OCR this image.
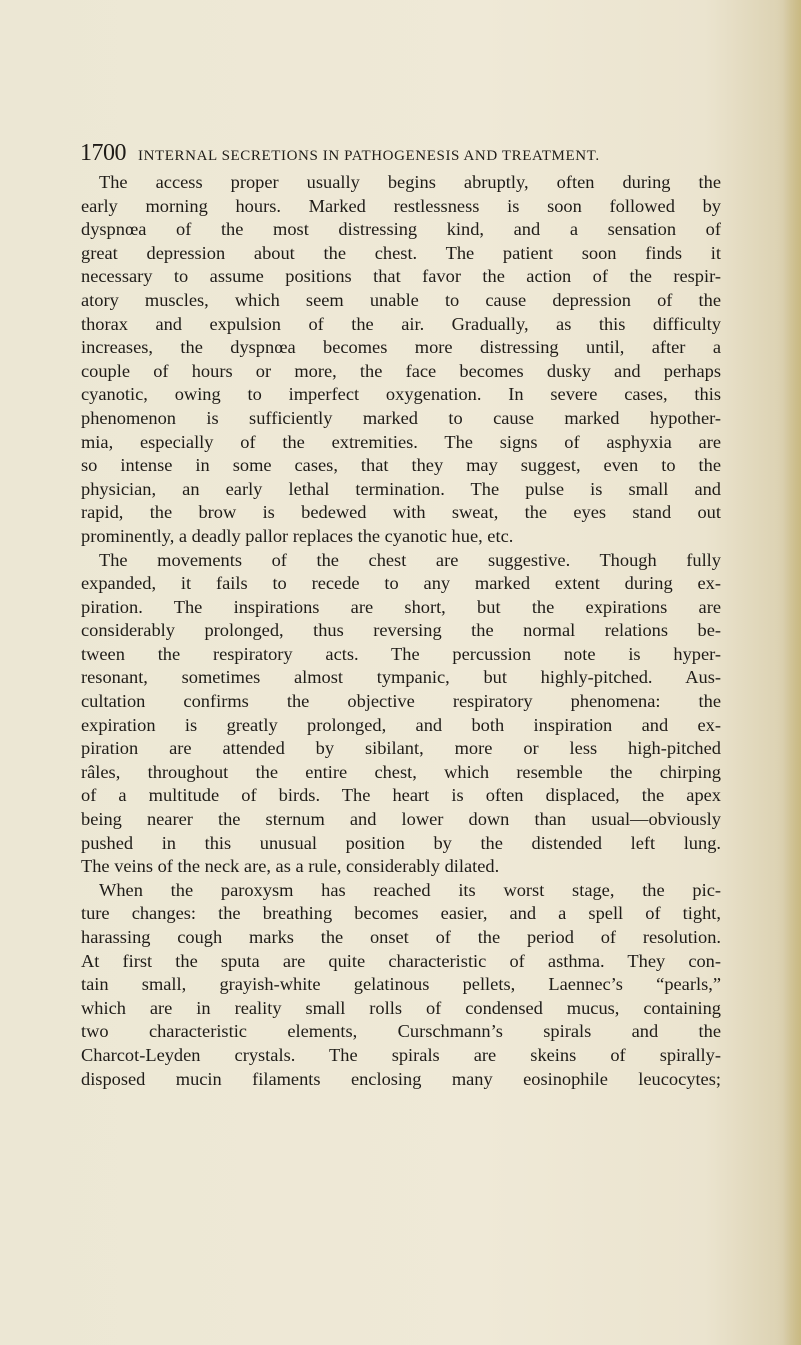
1700 INTERNAL SECRETIONS IN PATHOGENESIS AND TREATMENT.
The access proper usually begins abruptly, often during the
early morning hours. Marked restlessness is soon followed by
dyspnœa of the most distressing kind, and a sensation of
great depression about the chest. The patient soon finds it
necessary to assume positions that favor the action of the respir-
atory muscles, which seem unable to cause depression of the
thorax and expulsion of the air. Gradually, as this difficulty
increases, the dyspnœa becomes more distressing until, after a
couple of hours or more, the face becomes dusky and perhaps
cyanotic, owing to imperfect oxygenation. In severe cases, this
phenomenon is sufficiently marked to cause marked hypother-
mia, especially of the extremities. The signs of asphyxia are
so intense in some cases, that they may suggest, even to the
physician, an early lethal termination. The pulse is small and
rapid, the brow is bedewed with sweat, the eyes stand out
prominently, a deadly pallor replaces the cyanotic hue, etc.
The movements of the chest are suggestive. Though fully
expanded, it fails to recede to any marked extent during ex-
piration. The inspirations are short, but the expirations are
considerably prolonged, thus reversing the normal relations be-
tween the respiratory acts. The percussion note is hyper-
resonant, sometimes almost tympanic, but highly-pitched. Aus-
cultation confirms the objective respiratory phenomena: the
expiration is greatly prolonged, and both inspiration and ex-
piration are attended by sibilant, more or less high-pitched
râles, throughout the entire chest, which resemble the chirping
of a multitude of birds. The heart is often displaced, the apex
being nearer the sternum and lower down than usual—obviously
pushed in this unusual position by the distended left lung.
The veins of the neck are, as a rule, considerably dilated.
When the paroxysm has reached its worst stage, the pic-
ture changes: the breathing becomes easier, and a spell of tight,
harassing cough marks the onset of the period of resolution.
At first the sputa are quite characteristic of asthma. They con-
tain small, grayish-white gelatinous pellets, Laennec’s “pearls,”
which are in reality small rolls of condensed mucus, containing
two characteristic elements, Curschmann’s spirals and the
Charcot-Leyden crystals. The spirals are skeins of spirally-
disposed mucin filaments enclosing many eosinophile leucocytes;
